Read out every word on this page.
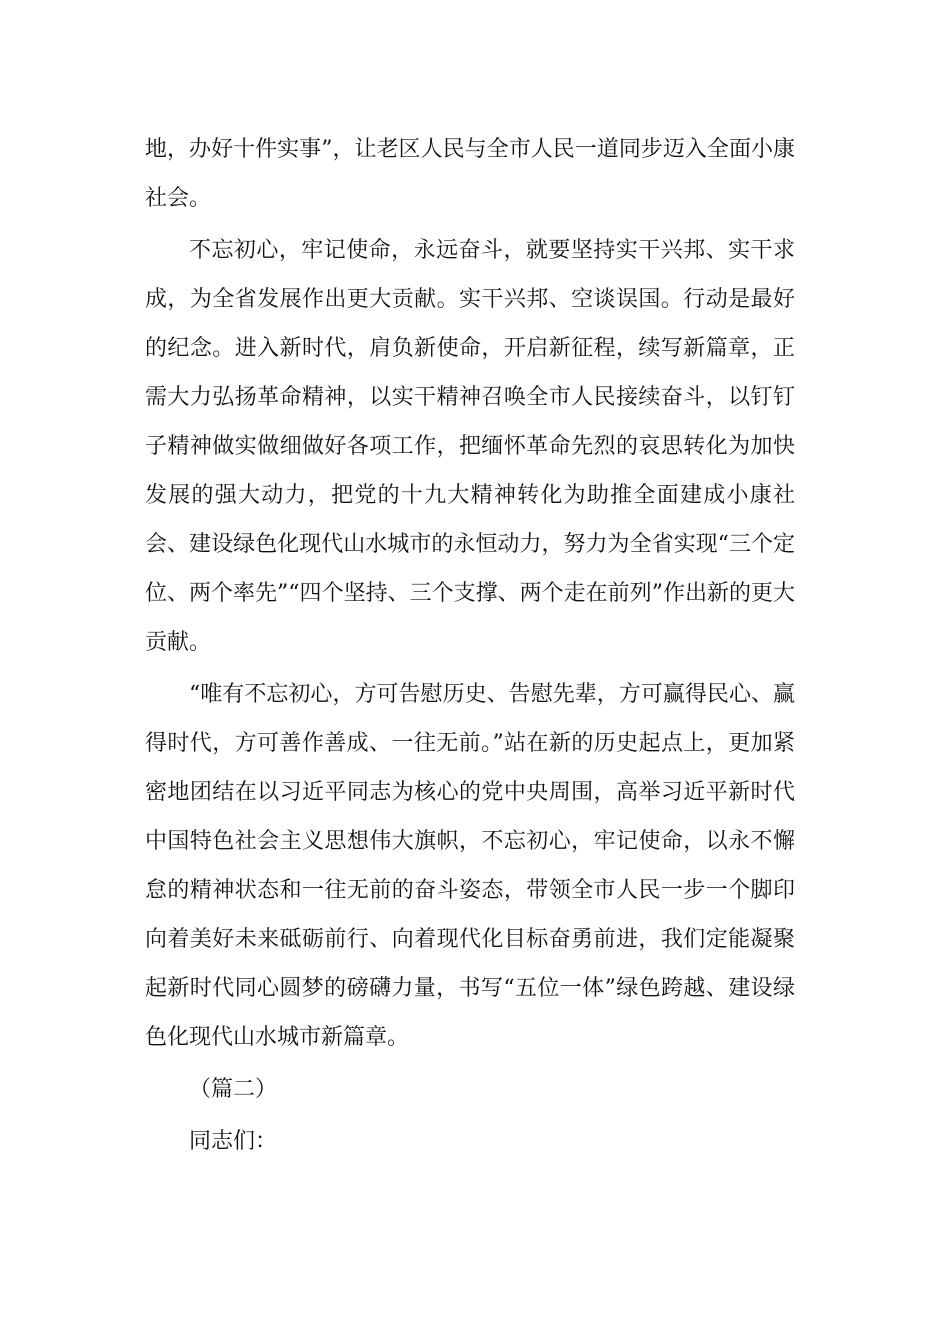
地，办好十件实事”，让老区人民与全市人民一道同步迈入全面小康社会。

不忘初心，牢记使命，永远奋斗，就要坚持实干兴邦、实干求成，为全省发展作出更大贡献。实干兴邦、空谈误国。行动是最好的纪念。进入新时代，肩负新使命，开启新征程，续写新篇章，正需大力弘扬革命精神，以实干精神召唤全市人民接续奋斗，以钉钉子精神做实做细做好各项工作，把缅怀革命先烈的哀思转化为加快发展的强大动力，把党的十九大精神转化为助推全面建成小康社会、建设绿色化现代山水城市的永恒动力，努力为全省实现“三个定位、两个率先”“四个坚持、三个支撑、两个走在前列”作出新的更大贡献。

“唯有不忘初心，方可告慰历史、告慰先辈，方可赢得民心、赢得时代，方可善作善成、一往无前。”站在新的历史起点上，更加紧密地团结在以习近平同志为核心的党中央周围，高举习近平新时代中国特色社会主义思想伟大旗帜，不忘初心，牢记使命，以永不懈怠的精神状态和一往无前的奋斗姿态，带领全市人民一步一个脚印向着美好未来砥砺前行、向着现代化目标奋勇前进，我们定能凝聚起新时代同心圆梦的磅礴力量，书写“五位一体”绿色跨越、建设绿色化现代山水城市新篇章。

（篇二）

同志们：
